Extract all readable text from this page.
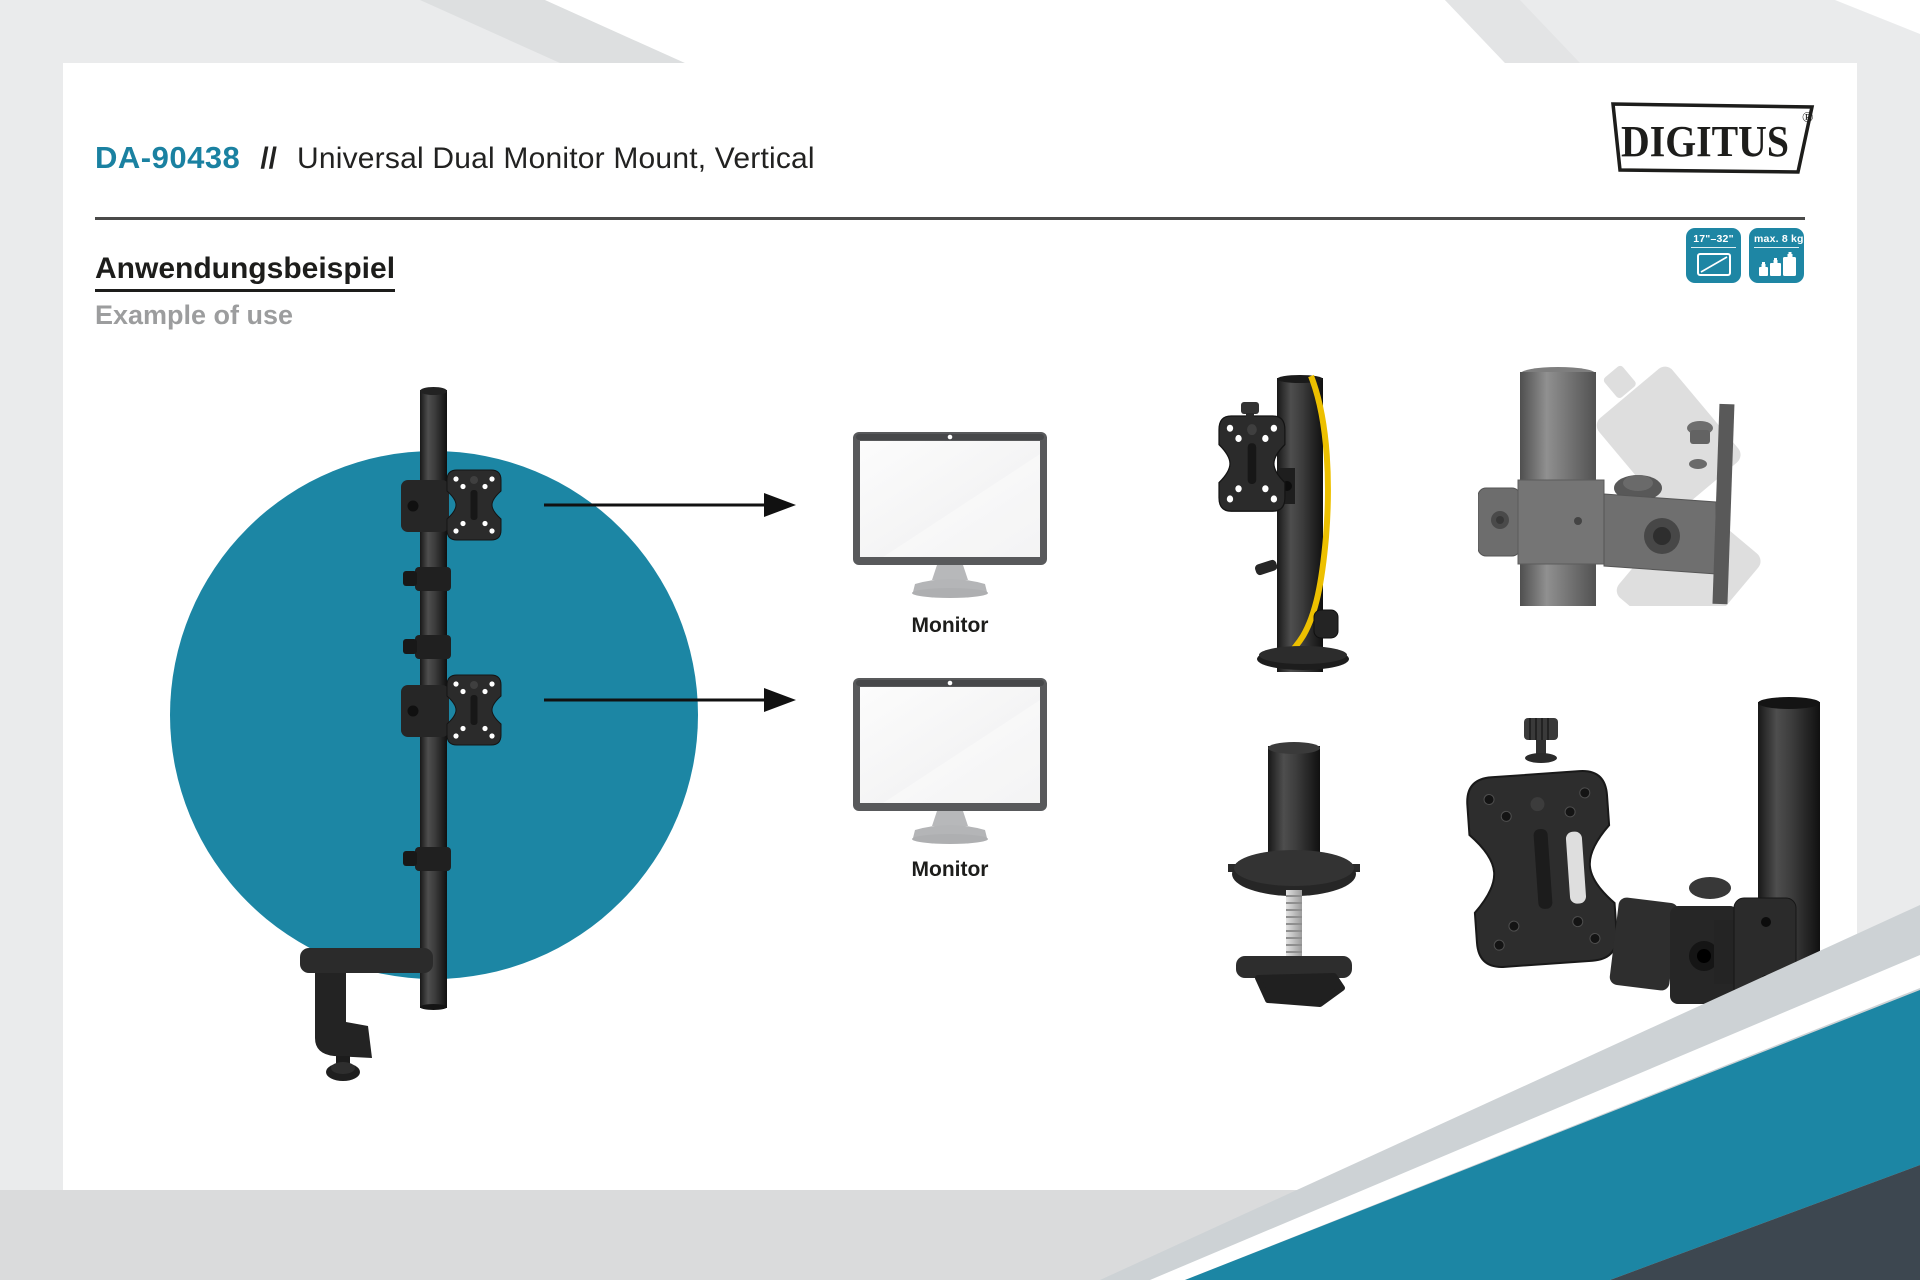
DIGITUS ®
DA-90438 // Universal Dual Monitor Mount, Vertical
17"–32" max. 8 kg
Anwendungsbeispiel
Example of use
Monitor
Monitor
